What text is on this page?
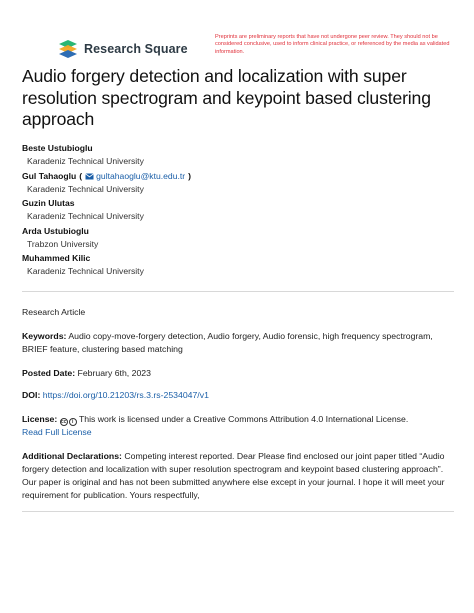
Research Square
Preprints are preliminary reports that have not undergone peer review. They should not be considered conclusive, used to inform clinical practice, or referenced by the media as validated information.
Audio forgery detection and localization with super resolution spectrogram and keypoint based clustering approach
Beste Ustubioglu
Karadeniz Technical University
Gul Tahaoglu ( gultahaoglu@ktu.edu.tr )
Karadeniz Technical University
Guzin Ulutas
Karadeniz Technical University
Arda Ustubioglu
Trabzon University
Muhammed Kilic
Karadeniz Technical University
Research Article
Keywords: Audio copy-move-forgery detection, Audio forgery, Audio forensic, high frequency spectrogram, BRIEF feature, clustering based matching
Posted Date: February 6th, 2023
DOI: https://doi.org/10.21203/rs.3.rs-2534047/v1
License: cc	i This work is licensed under a Creative Commons Attribution 4.0 International License.
Read Full License
Additional Declarations: Competing interest reported. Dear Please find enclosed our joint paper titled “Audio forgery detection and localization with super resolution spectrogram and keypoint based clustering approach”. Our paper is original and has not been submitted anywhere else except in your journal. I hope it will meet your requirement for publication. Yours respectfully,
